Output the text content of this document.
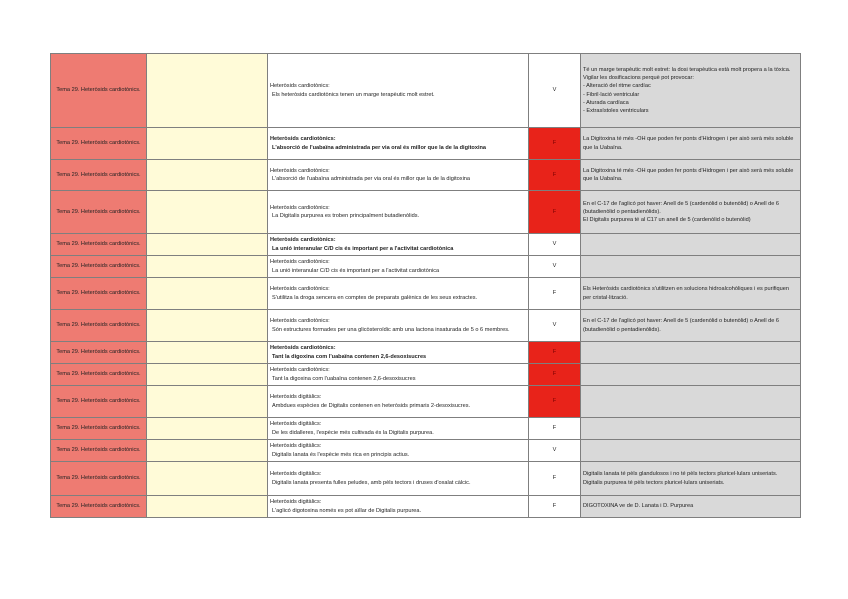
Tema 29. Heteròsids cardiotònics.		Heteròsids cardiotònics:
Els heteròsids cardiotònics tenen un marge terapèutic molt estret.	V	Té un marge terapèutic molt estret: la dosi terapèutica està molt propera a la tòxica. Vigilar les dosificacions perquè pot provocar:
- Alteració del ritme cardíac
- Fibril·lació ventricular
- Aturada cardíaca
- Extrasístoles ventriculars

Tema 29. Heteròsids cardiotònics.		Heteròsids cardiotònics:
L'absorció de l'uabaïna administrada per via oral és millor que la de la digitoxina	F	La Digitoxina té més -OH que poden fer ponts d'Hidrogen i per això serà més soluble que la Uabaïna.

Tema 29. Heteròsids cardiotònics.		Heteròsids cardiotònics:
L'absorció de l'uabaïna administrada per via oral és millor que la de la digitoxina	F	La Digitoxina té més -OH que poden fer ponts d'Hidrogen i per això serà més soluble que la Uabaïna.

Tema 29. Heteròsids cardiotònics.		Heteròsids cardiotònics:
La Digitalis purpurea es troben principalment butadienòlids.	F	En el C-17 de l'aglicó pot haver: Anell de 5 (cardenòlid o butenòlid) o Anell de 6 (butadienòlid o pentadienòlids).
El Digitalis purpurea té al C17 un anell de 5 (cardenòlid o butenòlid)

Tema 29. Heteròsids cardiotònics.		Heteròsids cardiotònics:
La unió interanular C/D cis és important per a l'activitat cardiotònica	V	
Tema 29. Heteròsids cardiotònics.		Heteròsids cardiotònics:
La unió interanular C/D cis és important per a l'activitat cardiotònica	V	
Tema 29. Heteròsids cardiotònics.		Heteròsids cardiotònics:
S'utilitza la droga sencera en comptes de preparats galènics de les seus extractes.	F	Els Heteròsids cardiotònics s'utilitzen en solucions hidroalcohòliques i es purifiquen per cristal·lització.

Tema 29. Heteròsids cardiotònics.		Heteròsids cardiotònics:
Són estructures formades per una glicòsteroïdic amb una lactona insaturada de 5 o 6 membres.	V	En el C-17 de l'aglicó pot haver: Anell de 5 (cardenòlid o butenòlid) o Anell de 6 (butadienòlid o pentadienòlids).

Tema 29. Heteròsids cardiotònics.		Heteròsids cardiotònics:
Tant la digoxina com l'uabaïna contenen 2,6-desoxisucres	F	
Tema 29. Heteròsids cardiotònics.		Heteròsids cardiotònics:
Tant la digoxina com l'uabaïna contenen 2,6-desoxisucres	F	
Tema 29. Heteròsids cardiotònics.		Heteròsids digitàlics:
Ambdues espècies de Digitalis contenen en heteròsids primaris 2-desoxisucres.	F	
Tema 29. Heteròsids cardiotònics.		Heteròsids digitàlics:
De les didalleres, l'espècie més cultivada és la Digitalis purpurea.	F	
Tema 29. Heteròsids cardiotònics.		Heteròsids digitàlics:
Digitalis lanata és l'espècie més rica en principis actius.	V	
Tema 29. Heteròsids cardiotònics.		Heteròsids digitàlics:
Digitalis lanata presenta fulles peludes, amb pèls tectors i druses d'oxalat càlcic.	F	Digitalis lanata té pèls glandulosos i no té pèls tectors pluricel·lulars uniseriats.
Digitalis purpurea té pèls tectors pluricel·lulars uniseriats.

Tema 29. Heteròsids cardiotònics.		Heteròsids digitàlics:
L'aglicó digotoxina només es pot aïllar de Digitalis purpurea.	F	DIGOTOXINA ve de D. Lanata i D. Purpurea
